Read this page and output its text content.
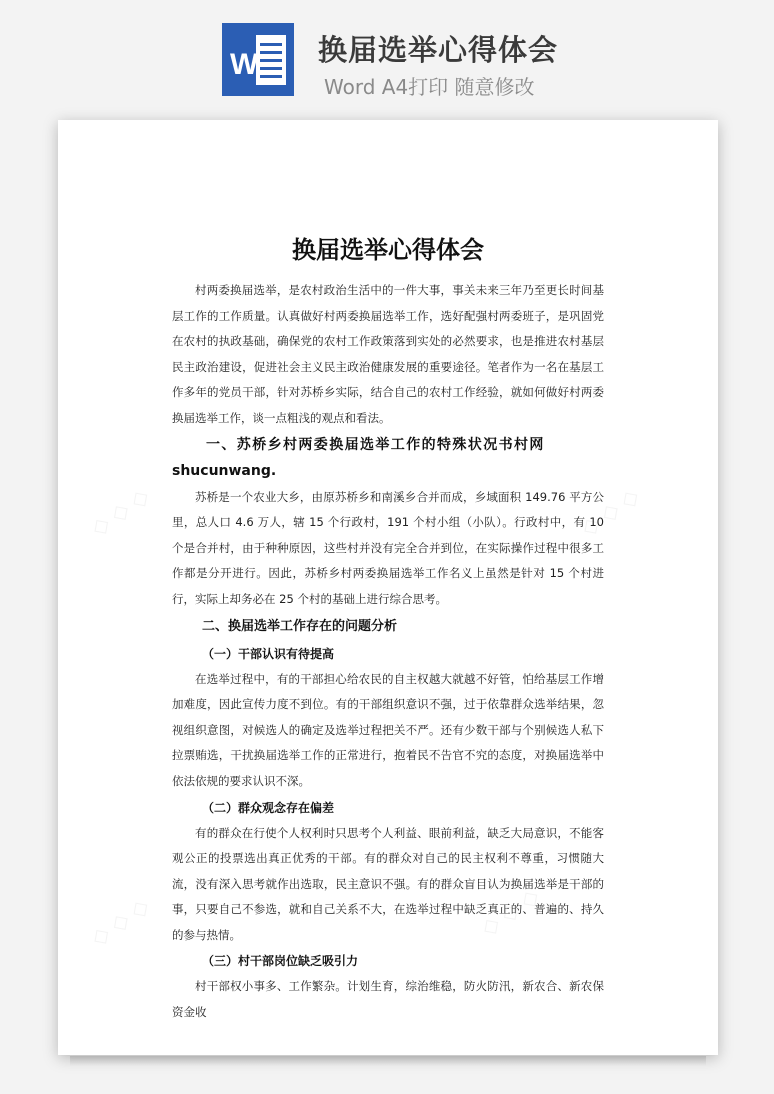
W 换届选举心得体会
Word A4打印 随意修改
换届选举心得体会

村两委换届选举，是农村政治生活中的一件大事，事关未来三年乃至更长时间基层工作的工作质量。认真做好村两委换届选举工作，选好配强村两委班子，是巩固党在农村的执政基础，确保党的农村工作政策落到实处的必然要求，也是推进农村基层民主政治建设，促进社会主义民主政治健康发展的重要途径。笔者作为一名在基层工作多年的党员干部，针对苏桥乡实际，结合自己的农村工作经验，就如何做好村两委换届选举工作，谈一点粗浅的观点和看法。

一、苏桥乡村两委换届选举工作的特殊状况书村网

shucunwang.

苏桥是一个农业大乡，由原苏桥乡和南溪乡合并而成，乡域面积 149.76 平方公里，总人口 4.6 万人，辖 15 个行政村，191 个村小组（小队）。行政村中，有 10 个是合并村，由于种种原因，这些村并没有完全合并到位，在实际操作过程中很多工作都是分开进行。因此，苏桥乡村两委换届选举工作名义上虽然是针对 15 个村进行，实际上却务必在 25 个村的基础上进行综合思考。

二、换届选举工作存在的问题分析

（一）干部认识有待提高

在选举过程中，有的干部担心给农民的自主权越大就越不好管，怕给基层工作增加难度，因此宣传力度不到位。有的干部组织意识不强，过于依靠群众选举结果，忽视组织意图，对候选人的确定及选举过程把关不严。还有少数干部与个别候选人私下拉票贿选，干扰换届选举工作的正常进行，抱着民不告官不究的态度，对换届选举中依法依规的要求认识不深。

（二）群众观念存在偏差

有的群众在行使个人权利时只思考个人利益、眼前利益，缺乏大局意识，不能客观公正的投票选出真正优秀的干部。有的群众对自己的民主权利不尊重，习惯随大流，没有深入思考就作出选取，民主意识不强。有的群众盲目认为换届选举是干部的事，只要自己不参选，就和自己关系不大，在选举过程中缺乏真正的、普遍的、持久的参与热情。

（三）村干部岗位缺乏吸引力

村干部权小事多、工作繁杂。计划生育，综治维稳，防火防汛，新农合、新农保资金收
